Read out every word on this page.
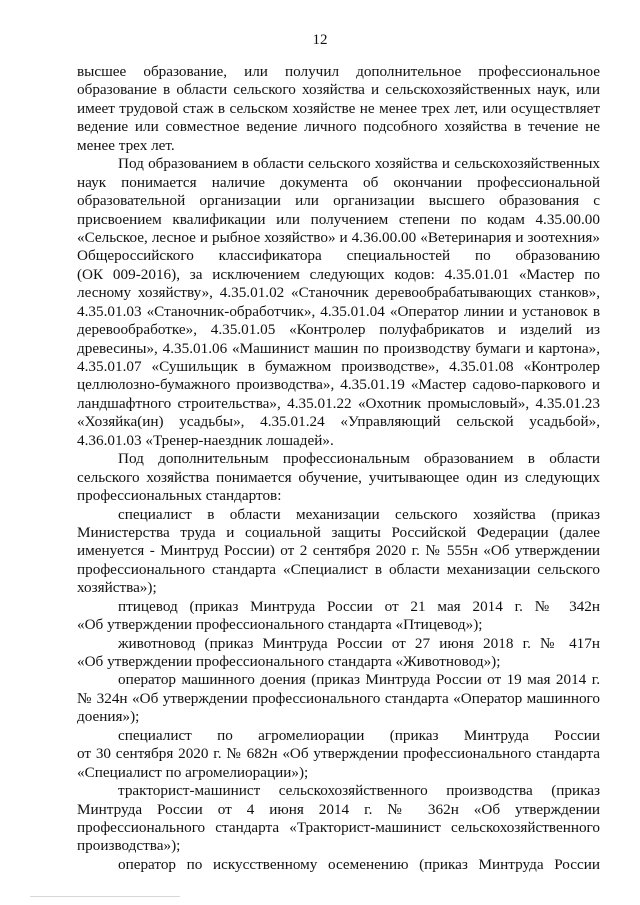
12
высшее образование, или получил дополнительное профессиональное
образование в области сельского хозяйства и сельскохозяйственных наук, или
имеет трудовой стаж в сельском хозяйстве не менее трех лет, или осуществляет
ведение или совместное ведение личного подсобного хозяйства в течение не
менее трех лет.
Под образованием в области сельского хозяйства и сельскохозяйственных
наук понимается наличие документа об окончании профессиональной
образовательной организации или организации высшего образования с
присвоением квалификации или получением степени по кодам 4.35.00.00
«Сельское, лесное и рыбное хозяйство» и 4.36.00.00 «Ветеринария и зоотехния»
Общероссийского классификатора специальностей по образованию
(ОК 009-2016), за исключением следующих кодов: 4.35.01.01 «Мастер по
лесному хозяйству», 4.35.01.02 «Станочник деревообрабатывающих станков»,
4.35.01.03 «Станочник-обработчик», 4.35.01.04 «Оператор линии и установок в
деревообработке», 4.35.01.05 «Контролер полуфабрикатов и изделий из
древесины», 4.35.01.06 «Машинист машин по производству бумаги и картона»,
4.35.01.07 «Сушильщик в бумажном производстве», 4.35.01.08 «Контролер
целлюлозно-бумажного производства», 4.35.01.19 «Мастер садово-паркового и
ландшафтного строительства», 4.35.01.22 «Охотник промысловый», 4.35.01.23
«Хозяйка(ин) усадьбы», 4.35.01.24 «Управляющий сельской усадьбой»,
4.36.01.03 «Тренер-наездник лошадей».
Под дополнительным профессиональным образованием в области
сельского хозяйства понимается обучение, учитывающее один из следующих
профессиональных стандартов:
специалист в области механизации сельского хозяйства (приказ
Министерства труда и социальной защиты Российской Федерации (далее
именуется - Минтруд России) от 2 сентября 2020 г. № 555н «Об утверждении
профессионального стандарта «Специалист в области механизации сельского
хозяйства»);
птицевод (приказ Минтруда России от 21 мая 2014 г. № 342н
«Об утверждении профессионального стандарта «Птицевод»);
животновод (приказ Минтруда России от 27 июня 2018 г. № 417н
«Об утверждении профессионального стандарта «Животновод»);
оператор машинного доения (приказ Минтруда России от 19 мая 2014 г.
№ 324н «Об утверждении профессионального стандарта «Оператор машинного
доения»);
специалист по агромелиорации (приказ Минтруда России
от 30 сентября 2020 г. № 682н «Об утверждении профессионального стандарта
«Специалист по агромелиорации»);
тракторист-машинист сельскохозяйственного производства (приказ
Минтруда России от 4 июня 2014 г. № 362н «Об утверждении
профессионального стандарта «Тракторист-машинист сельскохозяйственного
производства»);
оператор по искусственному осеменению (приказ Минтруда России
